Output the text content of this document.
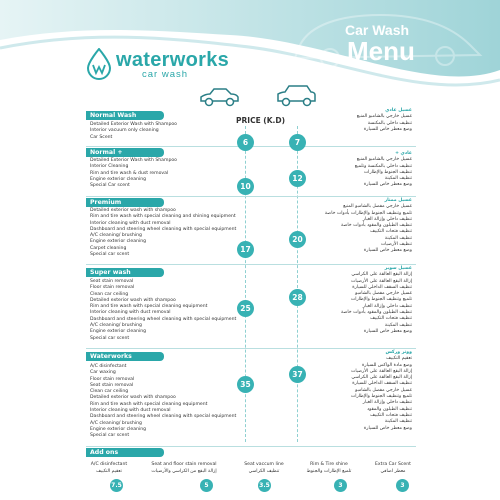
waterworks
car wash
Car Wash
Menu
PRICE (K.D)
Normal Wash
Detailed Exterior Wash with Shampoo
Interior vacuum only cleaning
Car Scent
غسيل عادي
غسيل خارجي بالشامبو المنبع
تنظيف داخلي بالمكنسة
وضع معطر خاص للسيارة
6	7
Normal +
Detailed Exterior Wash with Shampoo
Interior Cleaning
Rim and tire wash & dust removal
Engine exterior cleaning
Special Car scent
عادي +
غسيل خارجي بالشامبو المنبع
تنظيف داخلي بالمكنسة وتلميع
تنظيف الجنوط والإطارات
تنظيف المكينة
وضع معطر خاص للسيارة
10
12
Premium
Detailed exterior wash with shampoo
Rim and tire wash with special cleaning and shining equipment
Interior cleaning with dust removal
Dashboard and steering wheel cleaning with special equipment
A/C cleaning/ brushing
Engine exterior cleaning
Carpet cleaning
Special car scent
غسيل ممتاز
غسيل خارجي مفصل بالشامبو المنبع
تلميع وتنظيف الجنوط والإطارات بأدوات خاصة
تنظيف داخلي وإزالة الغبار
تنظيف الطبلون والمقود بأدوات خاصة
تنظيف فتحات التكييف
تنظيف المكينة
تنظيف الأرضيات
وضع معطر خاص للسيارة
17
20
Super wash
Seat stain removal
Floor stain removal
Clean car ceiling
Detailed exterior wash with shampoo
Rim and tire wash with special cleaning equipment
Interior cleaning with dust removal
Dashboard and steering wheel cleaning with special equipment
A/C cleaning/ brushing
Engine exterior cleaning
Special car scent
غسيل سوبر
إزالة البقع العالقة على الكراسي
إزالة البقع العالقة على الأرضيات
تنظيف السقف الداخلي للسيارة
غسيل خارجي مفصل بالشامبو
تلميع وتنظيف الجنوط والإطارات
تنظيف داخلي وإزالة الغبار
تنظيف الطبلون والمقود بأدوات خاصة
تنظيف فتحات التكييف
تنظيف المكينة
وضع معطر خاص للسيارة
25
28
Waterworks
A/C disinfectant
Car waxing
Floor stain removal
Seat stain removal
Clean car ceiling
Detailed exterior wash with shampoo
Rim and tire wash with special cleaning equipment
Interior cleaning with dust removal
Dashboard and steering wheel cleaning with special equipment
A/C cleaning/ brushing
Engine exterior cleaning
Special car scent
ووتر وركس
تعقيم التكييف
وضع مادة الواكس للسيارة
إزالة البقع العالقة على الأرضيات
إزالة البقع العالقة على الكراسي
تنظيف السقف الداخلي للسيارة
غسيل خارجي مفصل بالشامبو
تلميع وتنظيف الجنوط والإطارات
تنظيف داخلي وإزالة الغبار
تنظيف الطبلون والمقود
تنظيف فتحات التكييف
تنظيف المكينة
وضع معطر خاص للسيارة
35
37
Add ons
A/C disinfectant
تعقيم التكييف
7.5
Seat and floor stain removal
إزالة البقع من الكراسي والأرضيات
5
Seat vaccum line
تنظيف الكراسي
3.5
Rim & Tire shine
تلميع الإطارات والجنوط
3
Extra Car Scent
معطر اضافي
3
